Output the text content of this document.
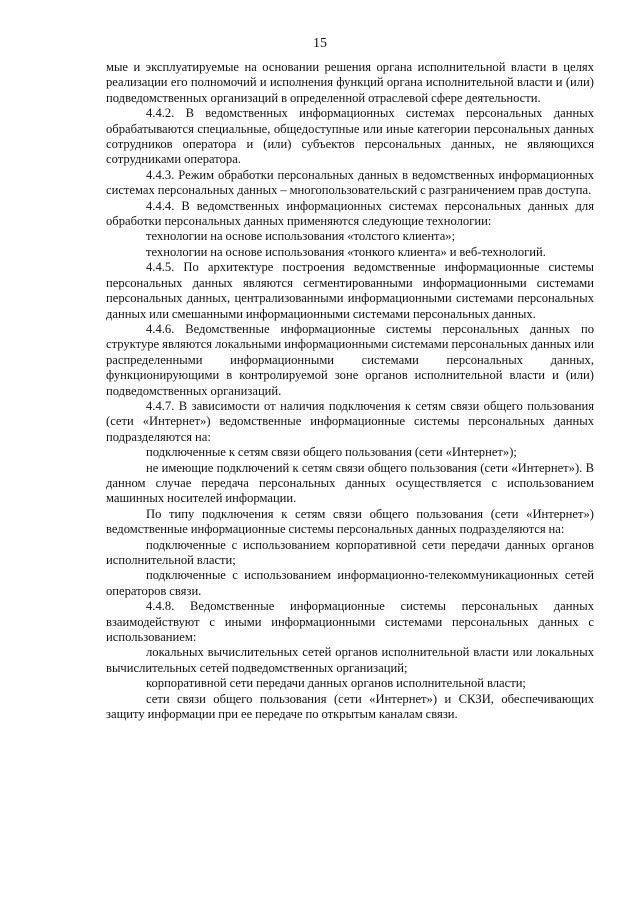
15

мые и эксплуатируемые на основании решения органа исполнительной власти в целях реализации его полномочий и исполнения функций органа исполнительной власти и (или) подведомственных организаций в определенной отраслевой сфере деятельности.

4.4.2. В ведомственных информационных системах персональных данных обрабатываются специальные, общедоступные или иные категории персональных данных сотрудников оператора и (или) субъектов персональных данных, не являющихся сотрудниками оператора.

4.4.3. Режим обработки персональных данных в ведомственных информационных системах персональных данных – многопользовательский с разграничением прав доступа.

4.4.4. В ведомственных информационных системах персональных данных для обработки персональных данных применяются следующие технологии:

технологии на основе использования «толстого клиента»;

технологии на основе использования «тонкого клиента» и веб-технологий.

4.4.5. По архитектуре построения ведомственные информационные системы персональных данных являются сегментированными информационными системами персональных данных, централизованными информационными системами персональных данных или смешанными информационными системами персональных данных.

4.4.6. Ведомственные информационные системы персональных данных по структуре являются локальными информационными системами персональных данных или распределенными информационными системами персональных данных, функционирующими в контролируемой зоне органов исполнительной власти и (или) подведомственных организаций.

4.4.7. В зависимости от наличия подключения к сетям связи общего пользования (сети «Интернет») ведомственные информационные системы персональных данных подразделяются на:

подключенные к сетям связи общего пользования (сети «Интернет»);

не имеющие подключений к сетям связи общего пользования (сети «Интернет»). В данном случае передача персональных данных осуществляется с использованием машинных носителей информации.

По типу подключения к сетям связи общего пользования (сети «Интернет») ведомственные информационные системы персональных данных подразделяются на:

подключенные с использованием корпоративной сети передачи данных органов исполнительной власти;

подключенные с использованием информационно-телекоммуникационных сетей операторов связи.

4.4.8. Ведомственные информационные системы персональных данных взаимодействуют с иными информационными системами персональных данных с использованием:

локальных вычислительных сетей органов исполнительной власти или локальных вычислительных сетей подведомственных организаций;

корпоративной сети передачи данных органов исполнительной власти;

сети связи общего пользования (сети «Интернет») и СКЗИ, обеспечивающих защиту информации при ее передаче по открытым каналам связи.
